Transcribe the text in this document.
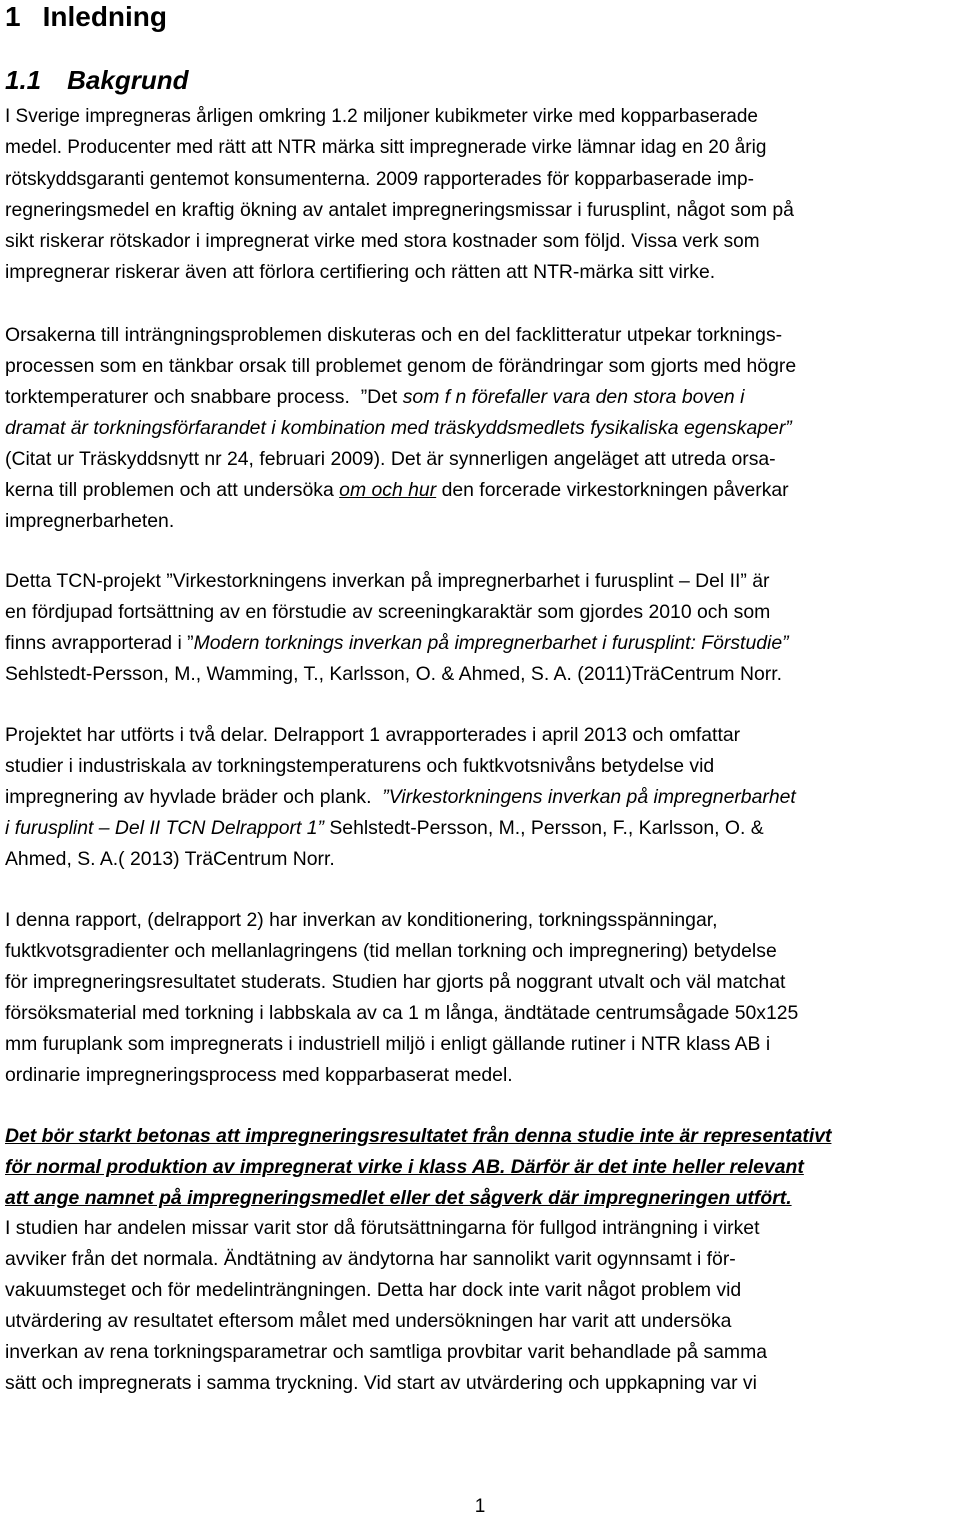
1 Inledning
1.1 Bakgrund
I Sverige impregneras årligen omkring 1.2 miljoner kubikmeter virke med kopparbaserade
medel. Producenter med rätt att NTR märka sitt impregnerade virke lämnar idag en 20 årig
rötskyddsgaranti gentemot konsumenterna. 2009 rapporterades för kopparbaserade imp-
regneringsmedel en kraftig ökning av antalet impregneringsmissar i furusplint, något som på
sikt riskerar rötskador i impregnerat virke med stora kostnader som följd. Vissa verk som
impregnerar riskerar även att förlora certifiering och rätten att NTR-märka sitt virke.
Orsakerna till inträngningsproblemen diskuteras och en del facklitteratur utpekar torknings-
processen som en tänkbar orsak till problemet genom de förändringar som gjorts med högre
torktemperaturer och snabbare process. ”Det som f n förefaller vara den stora boven i
dramat är torkningsförfarandet i kombination med träskyddsmedlets fysikaliska egenskaper”
(Citat ur Träskyddsnytt nr 24, februari 2009). Det är synnerligen angeläget att utreda orsa-
kerna till problemen och att undersöka om och hur den forcerade virkestorkningen påverkar
impregnerbarheten.
Detta TCN-projekt ”Virkestorkningens inverkan på impregnerbarhet i furusplint – Del II” är
en fördjupad fortsättning av en förstudie av screeningkaraktär som gjordes 2010 och som
finns avrapporterad i ”Modern torknings inverkan på impregnerbarhet i furusplint: Förstudie”
Sehlstedt-Persson, M., Wamming, T., Karlsson, O. & Ahmed, S. A. (2011)TräCentrum Norr.
Projektet har utförts i två delar. Delrapport 1 avrapporterades i april 2013 och omfattar
studier i industriskala av torkningstemperaturens och fuktkvotsnivåns betydelse vid
impregnering av hyvlade bräder och plank. ”Virkestorkningens inverkan på impregnerbarhet
i furusplint – Del II TCN Delrapport 1” Sehlstedt-Persson, M., Persson, F., Karlsson, O. &
Ahmed, S. A.( 2013) TräCentrum Norr.
I denna rapport, (delrapport 2) har inverkan av konditionering, torkningsspänningar,
fuktkvotsgradienter och mellanlagringens (tid mellan torkning och impregnering) betydelse
för impregneringsresultatet studerats. Studien har gjorts på noggrant utvalt och väl matchat
försöksmaterial med torkning i labbskala av ca 1 m långa, ändtätade centrumsågade 50x125
mm furuplank som impregnerats i industriell miljö i enligt gällande rutiner i NTR klass AB i
ordinarie impregneringsprocess med kopparbaserat medel.
Det bör starkt betonas att impregneringsresultatet från denna studie inte är representativt
för normal produktion av impregnerat virke i klass AB. Därför är det inte heller relevant
att ange namnet på impregneringsmedlet eller det sågverk där impregneringen utfört.
I studien har andelen missar varit stor då förutsättningarna för fullgod inträngning i virket
avviker från det normala. Ändtätning av ändytorna har sannolikt varit ogynnsamt i för-
vakuumsteget och för medelinträngningen. Detta har dock inte varit något problem vid
utvärdering av resultatet eftersom målet med undersökningen har varit att undersöka
inverkan av rena torkningsparametrar och samtliga provbitar varit behandlade på samma
sätt och impregnerats i samma tryckning. Vid start av utvärdering och uppkapning var vi
1
